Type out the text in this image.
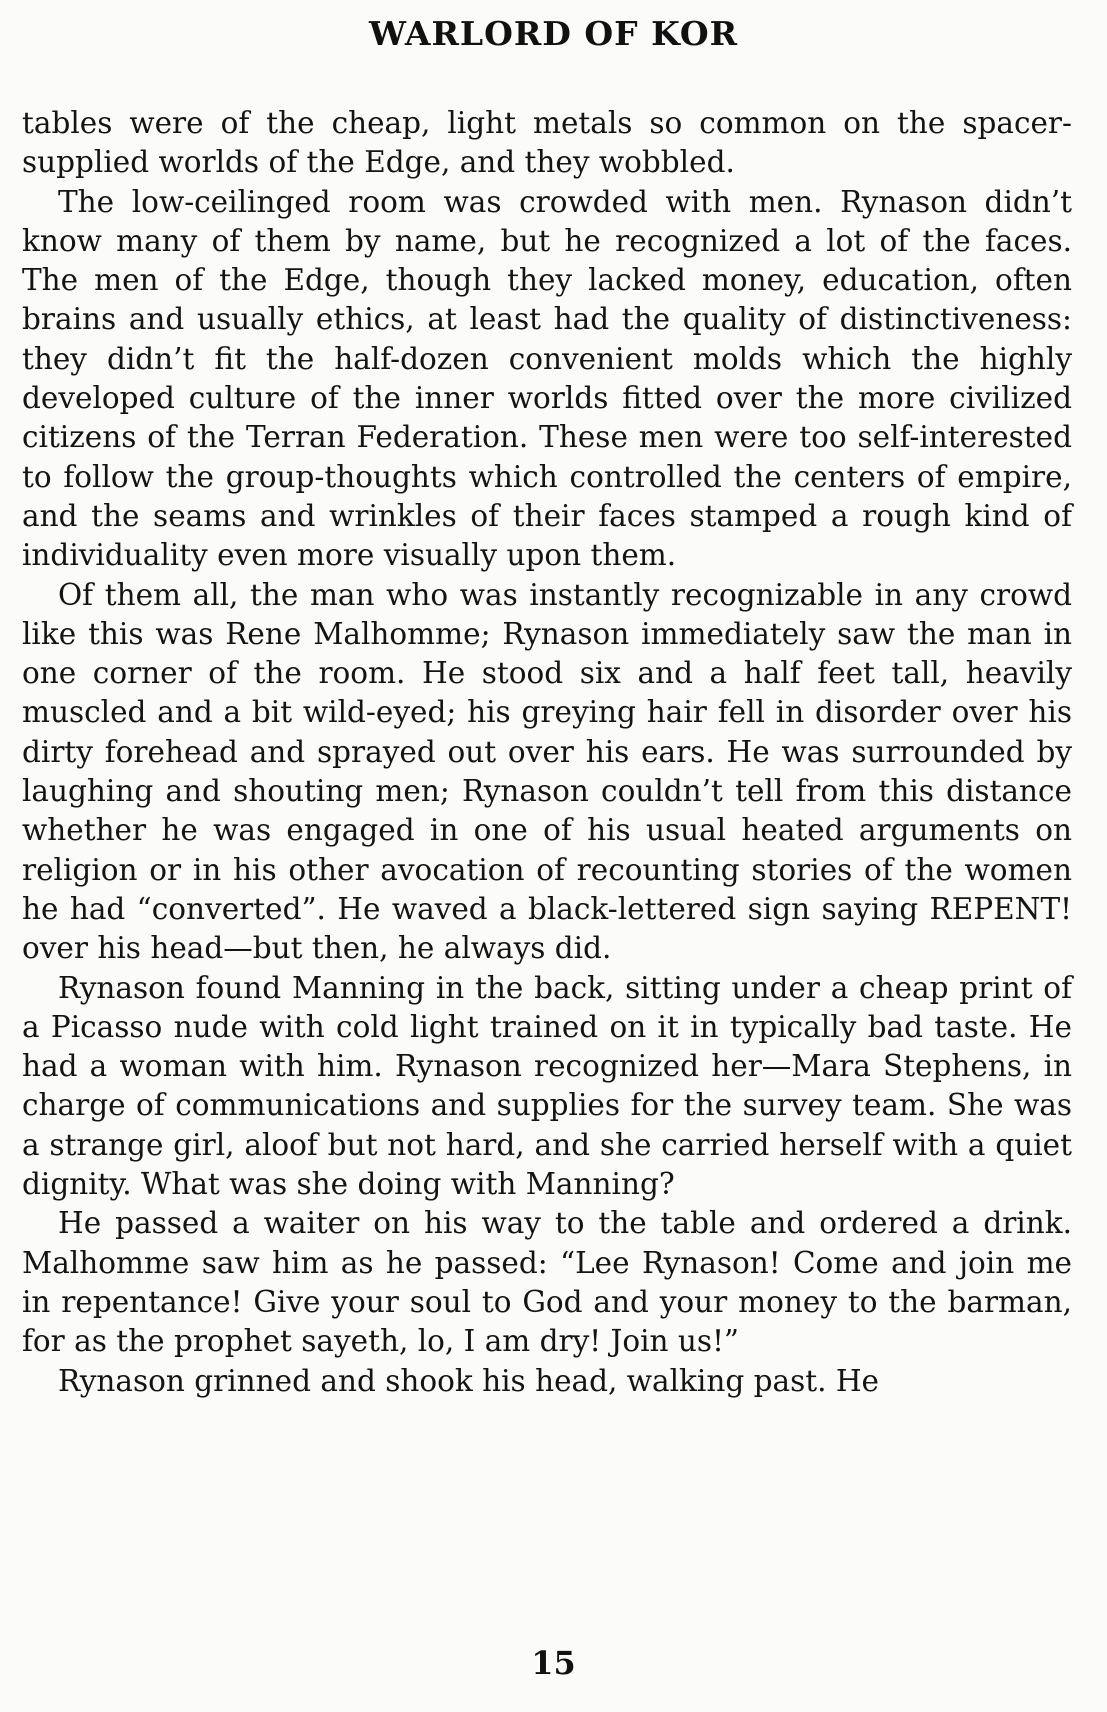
WARLORD OF KOR

tables were of the cheap, light metals so common on the spacer-supplied worlds of the Edge, and they wobbled.

The low-ceilinged room was crowded with men. Rynason didn’t know many of them by name, but he recognized a lot of the faces. The men of the Edge, though they lacked money, education, often brains and usually ethics, at least had the quality of distinctiveness: they didn’t fit the half-dozen convenient molds which the highly developed culture of the inner worlds fitted over the more civilized citizens of the Terran Federation. These men were too self-interested to follow the group-thoughts which controlled the centers of empire, and the seams and wrinkles of their faces stamped a rough kind of individuality even more visually upon them.

Of them all, the man who was instantly recognizable in any crowd like this was Rene Malhomme; Rynason immediately saw the man in one corner of the room. He stood six and a half feet tall, heavily muscled and a bit wild-eyed; his greying hair fell in disorder over his dirty forehead and sprayed out over his ears. He was surrounded by laughing and shouting men; Rynason couldn’t tell from this distance whether he was engaged in one of his usual heated arguments on religion or in his other avocation of recounting stories of the women he had “converted”. He waved a black-lettered sign saying REPENT! over his head—but then, he always did.

Rynason found Manning in the back, sitting under a cheap print of a Picasso nude with cold light trained on it in typically bad taste. He had a woman with him. Rynason recognized her—Mara Stephens, in charge of communications and supplies for the survey team. She was a strange girl, aloof but not hard, and she carried herself with a quiet dignity. What was she doing with Manning?

He passed a waiter on his way to the table and ordered a drink. Malhomme saw him as he passed: “Lee Rynason! Come and join me in repentance! Give your soul to God and your money to the barman, for as the prophet sayeth, lo, I am dry! Join us!”

Rynason grinned and shook his head, walking past. He

15
